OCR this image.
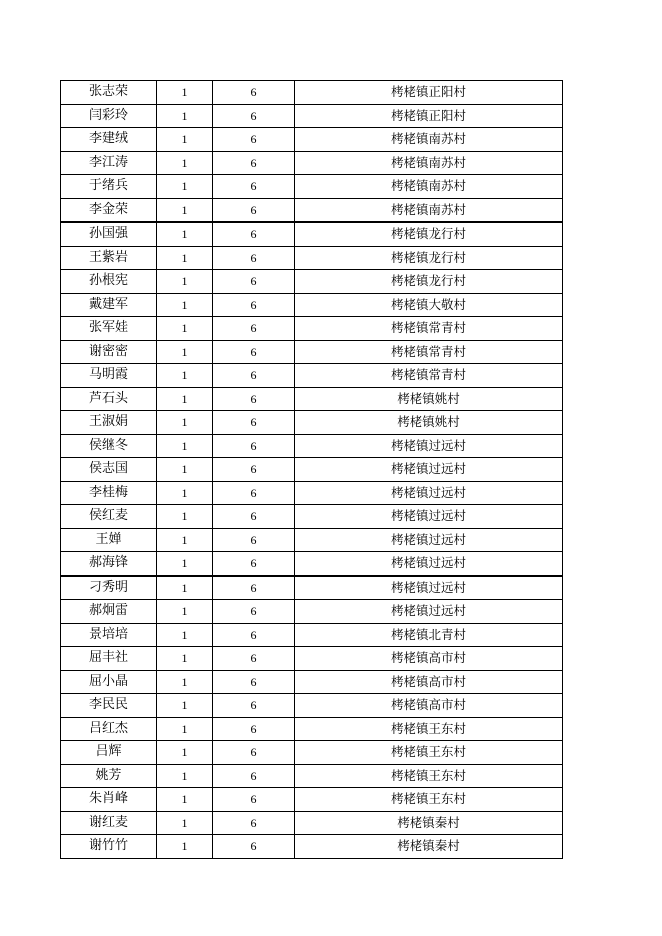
张志荣	1	6	栲栳镇正阳村
闫彩玲	1	6	栲栳镇正阳村
李建绒	1	6	栲栳镇南苏村
李江涛	1	6	栲栳镇南苏村
于绪兵	1	6	栲栳镇南苏村
李金荣	1	6	栲栳镇南苏村
孙国强	1	6	栲栳镇龙行村
王紫岩	1	6	栲栳镇龙行村
孙根宪	1	6	栲栳镇龙行村
戴建军	1	6	栲栳镇大敬村
张军娃	1	6	栲栳镇常青村
谢密密	1	6	栲栳镇常青村
马明霞	1	6	栲栳镇常青村
芦石头	1	6	栲栳镇姚村
王淑娟	1	6	栲栳镇姚村
侯继冬	1	6	栲栳镇过远村
侯志国	1	6	栲栳镇过远村
李桂梅	1	6	栲栳镇过远村
侯红麦	1	6	栲栳镇过远村
王婵	1	6	栲栳镇过远村
郝海锋	1	6	栲栳镇过远村
刁秀明	1	6	栲栳镇过远村
郝炯雷	1	6	栲栳镇过远村
景培培	1	6	栲栳镇北青村
屈丰社	1	6	栲栳镇高市村
屈小晶	1	6	栲栳镇高市村
李民民	1	6	栲栳镇高市村
吕红杰	1	6	栲栳镇王东村
吕辉	1	6	栲栳镇王东村
姚芳	1	6	栲栳镇王东村
朱肖峰	1	6	栲栳镇王东村
谢红麦	1	6	栲栳镇秦村
谢竹竹	1	6	栲栳镇秦村
